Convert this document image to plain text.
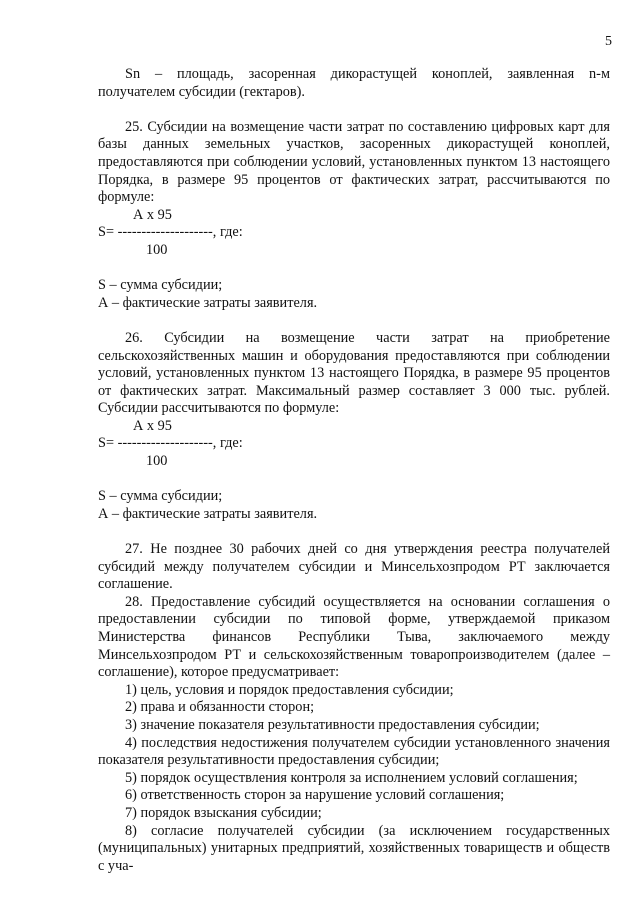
5

Sn – площадь, засоренная дикорастущей коноплей, заявленная n-м получателем субсидии (гектаров).

25. Субсидии на возмещение части затрат по составлению цифровых карт для базы данных земельных участков, засоренных дикорастущей коноплей, предоставляются при соблюдении условий, установленных пунктом 13 настоящего Порядка, в размере 95 процентов от фактических затрат, рассчитываются по формуле:

А х 95

S= --------------------, где:

100

S – сумма субсидии;

А – фактические затраты заявителя.

26. Субсидии на возмещение части затрат на приобретение сельскохозяйственных машин и оборудования предоставляются при соблюдении условий, установленных пунктом 13 настоящего Порядка, в размере 95 процентов от фактических затрат. Максимальный размер составляет 3 000 тыс. рублей. Субсидии рассчитываются по формуле:

А х 95

S= --------------------, где:

100

S – сумма субсидии;

А – фактические затраты заявителя.

27. Не позднее 30 рабочих дней со дня утверждения реестра получателей субсидий между получателем субсидии и Минсельхозпродом РТ заключается соглашение.

28. Предоставление субсидий осуществляется на основании соглашения о предоставлении субсидии по типовой форме, утверждаемой приказом Министерства финансов Республики Тыва, заключаемого между Минсельхозпродом РТ и сельскохозяйственным товаропроизводителем (далее – соглашение), которое предусматривает:

1) цель, условия и порядок предоставления субсидии;

2) права и обязанности сторон;

3) значение показателя результативности предоставления субсидии;

4) последствия недостижения получателем субсидии установленного значения показателя результативности предоставления субсидии;

5) порядок осуществления контроля за исполнением условий соглашения;

6) ответственность сторон за нарушение условий соглашения;

7) порядок взыскания субсидии;

8) согласие получателей субсидии (за исключением государственных (муниципальных) унитарных предприятий, хозяйственных товариществ и обществ с уча-
